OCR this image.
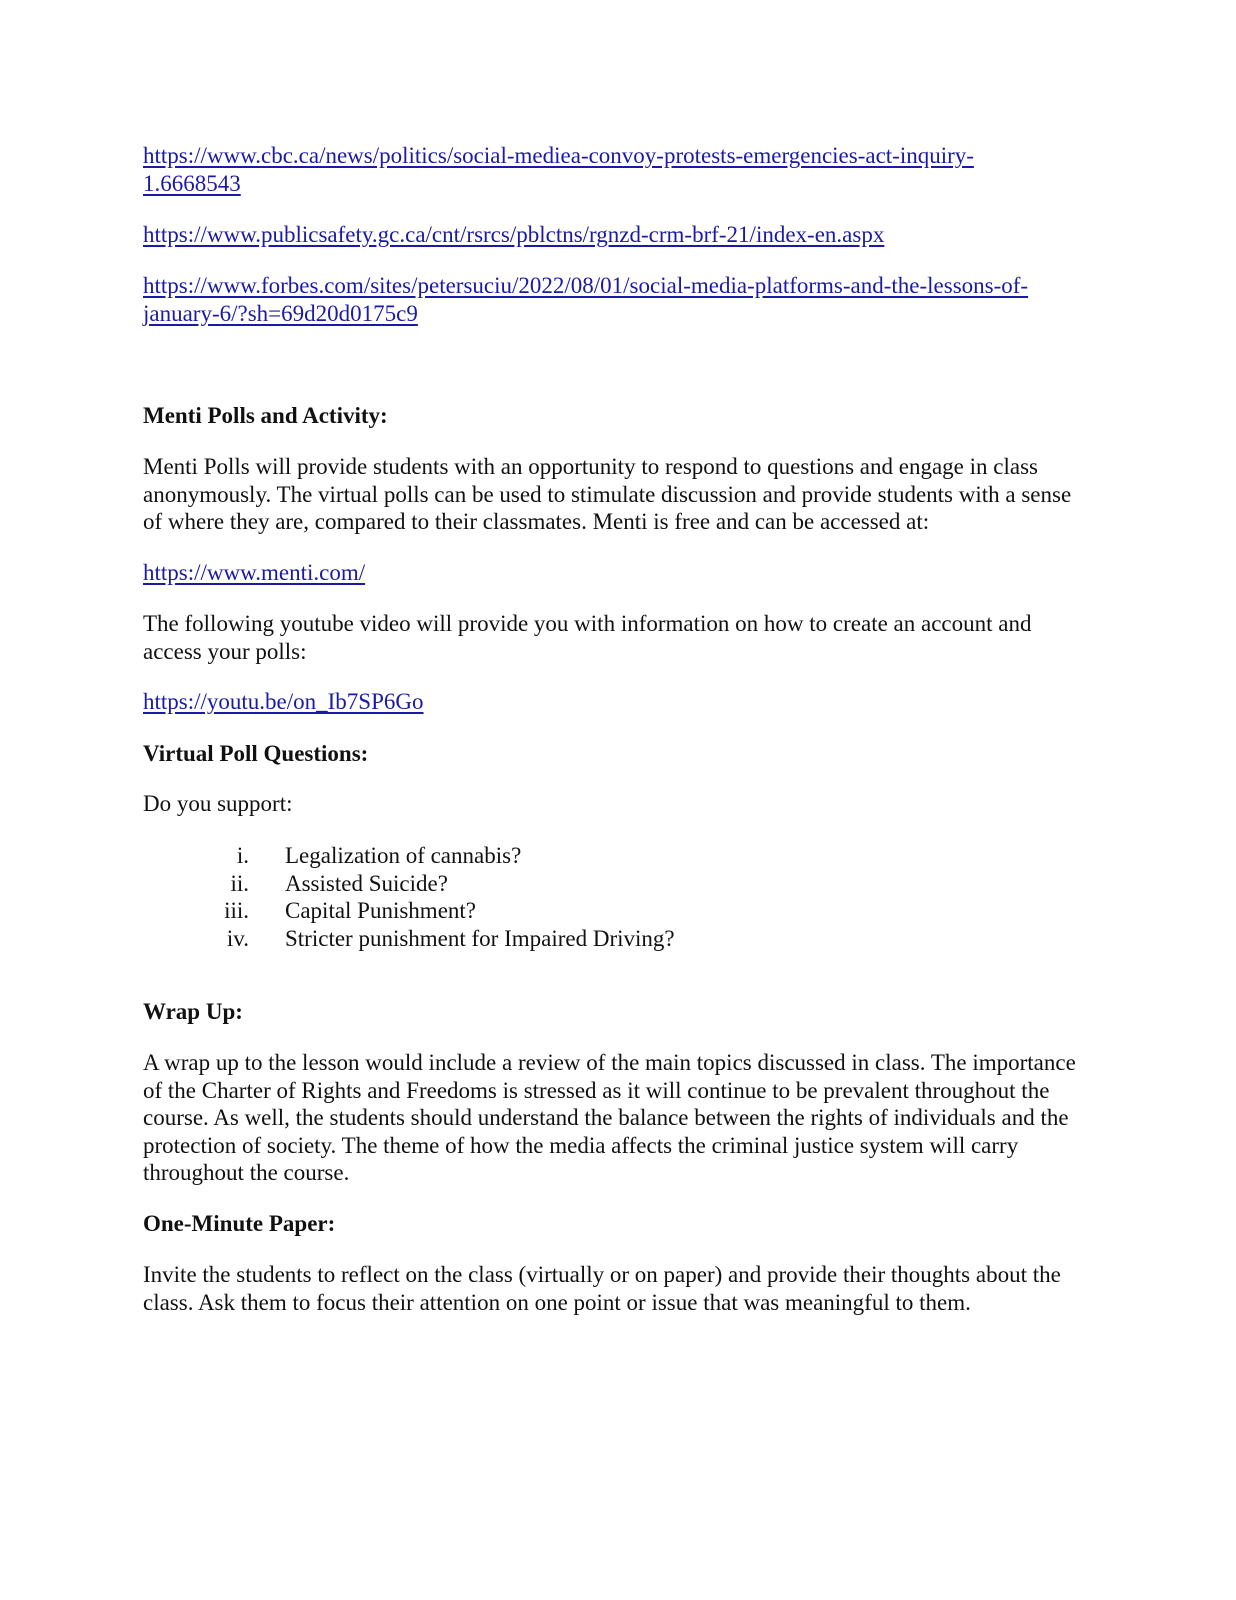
https://www.cbc.ca/news/politics/social-mediea-convoy-protests-emergencies-act-inquiry-
1.6668543
https://www.publicsafety.gc.ca/cnt/rsrcs/pblctns/rgnzd-crm-brf-21/index-en.aspx
https://www.forbes.com/sites/petersuciu/2022/08/01/social-media-platforms-and-the-lessons-of-
january-6/?sh=69d20d0175c9
Menti Polls and Activity:

Menti Polls will provide students with an opportunity to respond to questions and engage in class anonymously. The virtual polls can be used to stimulate discussion and provide students with a sense of where they are, compared to their classmates. Menti is free and can be accessed at:

https://www.menti.com/

The following youtube video will provide you with information on how to create an account and access your polls:

https://youtu.be/on_Ib7SP6Go
Virtual Poll Questions:
Do you support:
i. Legalization of cannabis?
ii. Assisted Suicide?
iii. Capital Punishment?
iv. Stricter punishment for Impaired Driving?
Wrap Up:

A wrap up to the lesson would include a review of the main topics discussed in class. The importance of the Charter of Rights and Freedoms is stressed as it will continue to be prevalent throughout the course. As well, the students should understand the balance between the rights of individuals and the protection of society. The theme of how the media affects the criminal justice system will carry throughout the course.

One-Minute Paper:

Invite the students to reflect on the class (virtually or on paper) and provide their thoughts about the class. Ask them to focus their attention on one point or issue that was meaningful to them.
